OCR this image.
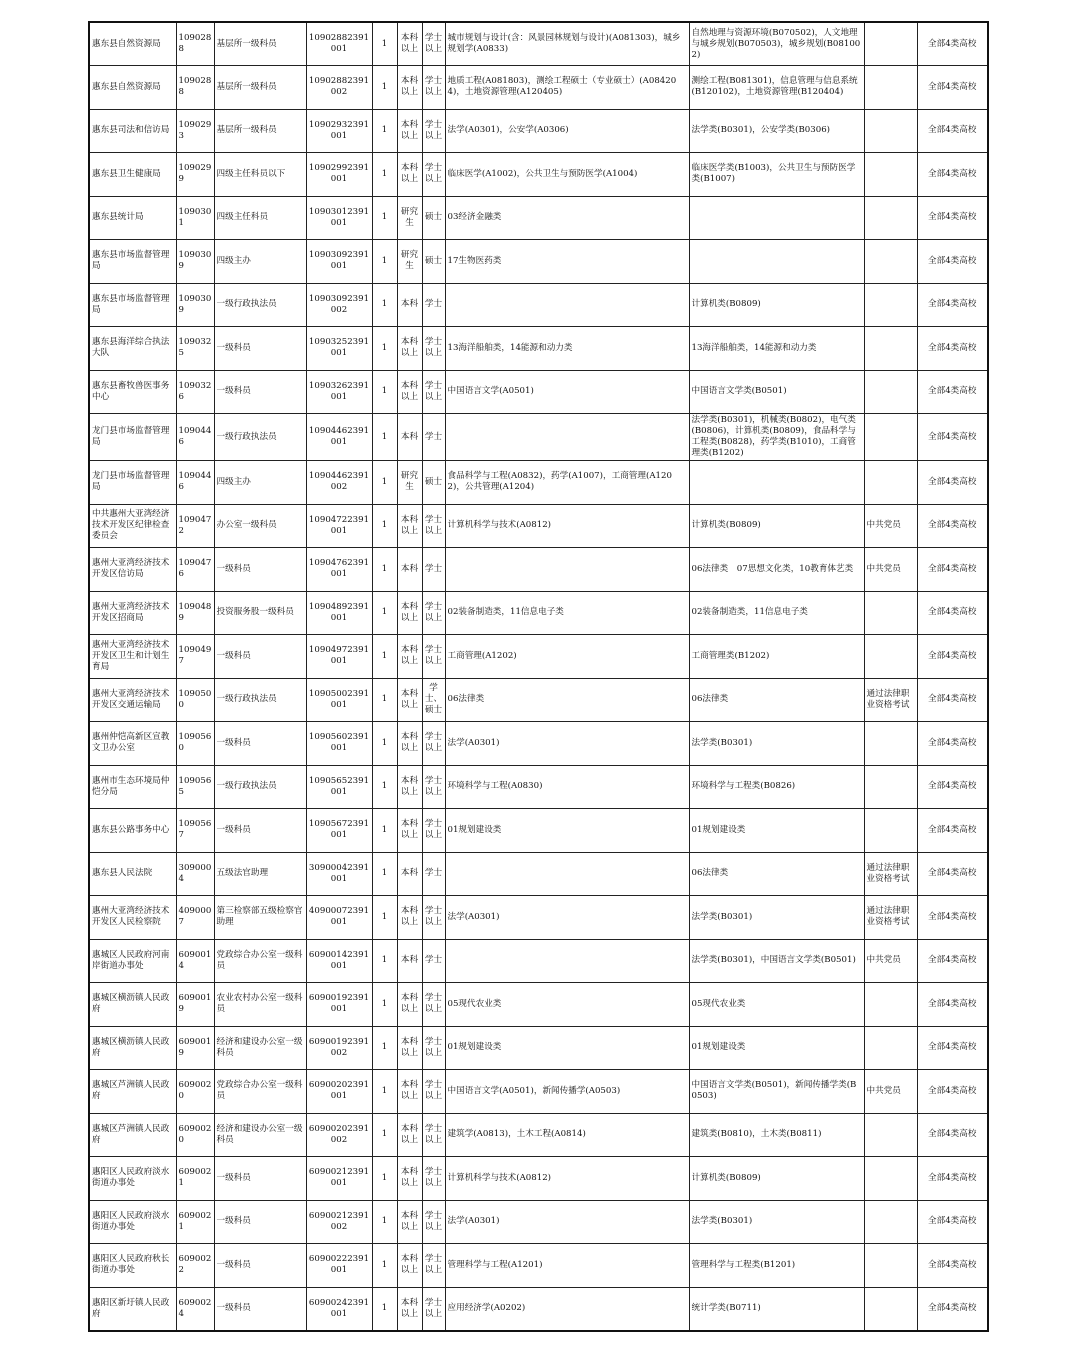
惠东县自然资源局	1090288	基层所一级科员	10902882391001	1	本科以上	学士以上	城市规划与设计(含：风景园林规划与设计)(A081303)，城乡规划学(A0833)	自然地理与资源环境(B070502)，人文地理与城乡规划(B070503)，城乡规划(B081002)		全部4类高校
惠东县自然资源局	1090288	基层所一级科员	10902882391002	1	本科以上	学士以上	地质工程(A081803)，测绘工程硕士（专业硕士）(A084204)，土地资源管理(A120405)	测绘工程(B081301)，信息管理与信息系统(B120102)，土地资源管理(B120404)		全部4类高校
惠东县司法和信访局	1090293	基层所一级科员	10902932391001	1	本科以上	学士以上	法学(A0301)，公安学(A0306)	法学类(B0301)，公安学类(B0306)		全部4类高校
惠东县卫生健康局	1090299	四级主任科员以下	10902992391001	1	本科以上	学士以上	临床医学(A1002)，公共卫生与预防医学(A1004)	临床医学类(B1003)，公共卫生与预防医学类(B1007)		全部4类高校
惠东县统计局	1090301	四级主任科员	10903012391001	1	研究生	硕士	03经济金融类			全部4类高校
惠东县市场监督管理局	1090309	四级主办	10903092391001	1	研究生	硕士	17生物医药类			全部4类高校
惠东县市场监督管理局	1090309	一级行政执法员	10903092391002	1	本科	学士		计算机类(B0809)		全部4类高校
惠东县海洋综合执法大队	1090325	一级科员	10903252391001	1	本科以上	学士以上	13海洋船舶类，14能源和动力类	13海洋船舶类，14能源和动力类		全部4类高校
惠东县畜牧兽医事务中心	1090326	一级科员	10903262391001	1	本科以上	学士以上	中国语言文学(A0501)	中国语言文学类(B0501)		全部4类高校
龙门县市场监督管理局	1090446	一级行政执法员	10904462391001	1	本科	学士		法学类(B0301)，机械类(B0802)，电气类(B0806)，计算机类(B0809)，食品科学与工程类(B0828)，药学类(B1010)，工商管理类(B1202)		全部4类高校
龙门县市场监督管理局	1090446	四级主办	10904462391002	1	研究生	硕士	食品科学与工程(A0832)，药学(A1007)，工商管理(A1202)，公共管理(A1204)			全部4类高校
中共惠州大亚湾经济技术开发区纪律检查委员会	1090472	办公室一级科员	10904722391001	1	本科以上	学士以上	计算机科学与技术(A0812)	计算机类(B0809)	中共党员	全部4类高校
惠州大亚湾经济技术开发区信访局	1090476	一级科员	10904762391001	1	本科	学士		06法律类　07思想文化类，10教育体艺类	中共党员	全部4类高校
惠州大亚湾经济技术开发区招商局	1090489	投资服务股一级科员	10904892391001	1	本科以上	学士以上	02装备制造类，11信息电子类	02装备制造类，11信息电子类		全部4类高校
惠州大亚湾经济技术开发区卫生和计划生育局	1090497	一级科员	10904972391001	1	本科以上	学士以上	工商管理(A1202)	工商管理类(B1202)		全部4类高校
惠州大亚湾经济技术开发区交通运输局	1090500	一级行政执法员	10905002391001	1	本科以上	学士、硕士	06法律类	06法律类	通过法律职业资格考试	全部4类高校
惠州仲恺高新区宣教文卫办公室	1090560	一级科员	10905602391001	1	本科以上	学士以上	法学(A0301)	法学类(B0301)		全部4类高校
惠州市生态环境局仲恺分局	1090565	一级行政执法员	10905652391001	1	本科以上	学士以上	环境科学与工程(A0830)	环境科学与工程类(B0826)		全部4类高校
惠东县公路事务中心	1090567	一级科员	10905672391001	1	本科以上	学士以上	01规划建设类	01规划建设类		全部4类高校
惠东县人民法院	3090004	五级法官助理	30900042391001	1	本科	学士		06法律类	通过法律职业资格考试	全部4类高校
惠州大亚湾经济技术开发区人民检察院	4090007	第三检察部五级检察官助理	40900072391001	1	本科以上	学士以上	法学(A0301)	法学类(B0301)	通过法律职业资格考试	全部4类高校
惠城区人民政府河南岸街道办事处	6090014	党政综合办公室一级科员	60900142391001	1	本科	学士		法学类(B0301)，中国语言文学类(B0501)	中共党员	全部4类高校
惠城区横沥镇人民政府	6090019	农业农村办公室一级科员	60900192391001	1	本科以上	学士以上	05现代农业类	05现代农业类		全部4类高校
惠城区横沥镇人民政府	6090019	经济和建设办公室一级科员	60900192391002	1	本科以上	学士以上	01规划建设类	01规划建设类		全部4类高校
惠城区芦洲镇人民政府	6090020	党政综合办公室一级科员	60900202391001	1	本科以上	学士以上	中国语言文学(A0501)，新闻传播学(A0503)	中国语言文学类(B0501)，新闻传播学类(B0503)	中共党员	全部4类高校
惠城区芦洲镇人民政府	6090020	经济和建设办公室一级科员	60900202391002	1	本科以上	学士以上	建筑学(A0813)，土木工程(A0814)	建筑类(B0810)，土木类(B0811)		全部4类高校
惠阳区人民政府淡水街道办事处	6090021	一级科员	60900212391001	1	本科以上	学士以上	计算机科学与技术(A0812)	计算机类(B0809)		全部4类高校
惠阳区人民政府淡水街道办事处	6090021	一级科员	60900212391002	1	本科以上	学士以上	法学(A0301)	法学类(B0301)		全部4类高校
惠阳区人民政府秋长街道办事处	6090022	一级科员	60900222391001	1	本科以上	学士以上	管理科学与工程(A1201)	管理科学与工程类(B1201)		全部4类高校
惠阳区新圩镇人民政府	6090024	一级科员	60900242391001	1	本科以上	学士以上	应用经济学(A0202)	统计学类(B0711)		全部4类高校
